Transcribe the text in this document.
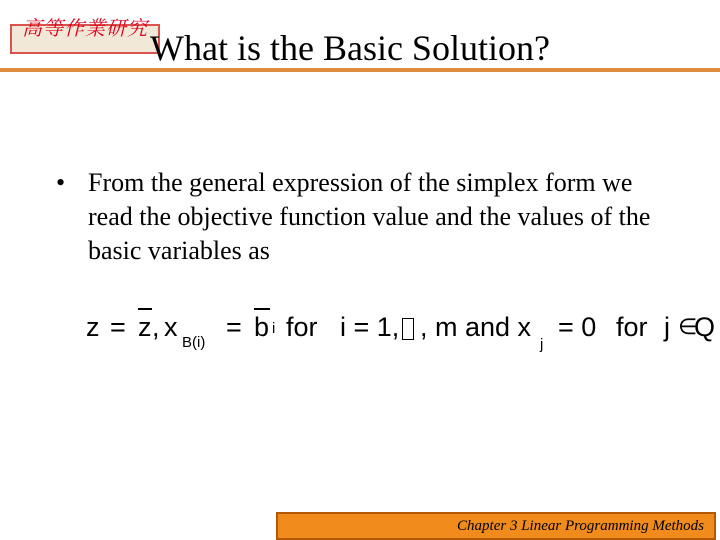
高等作業研究 What is the Basic Solution?
• From the general expression of the simplex form we read the objective function value and the values of the basic variables as
z = z , x
B(i)
= b i for i = 1, , m and x
j
= 0 for j ∈
Q
Chapter 3 Linear Programming Methods
